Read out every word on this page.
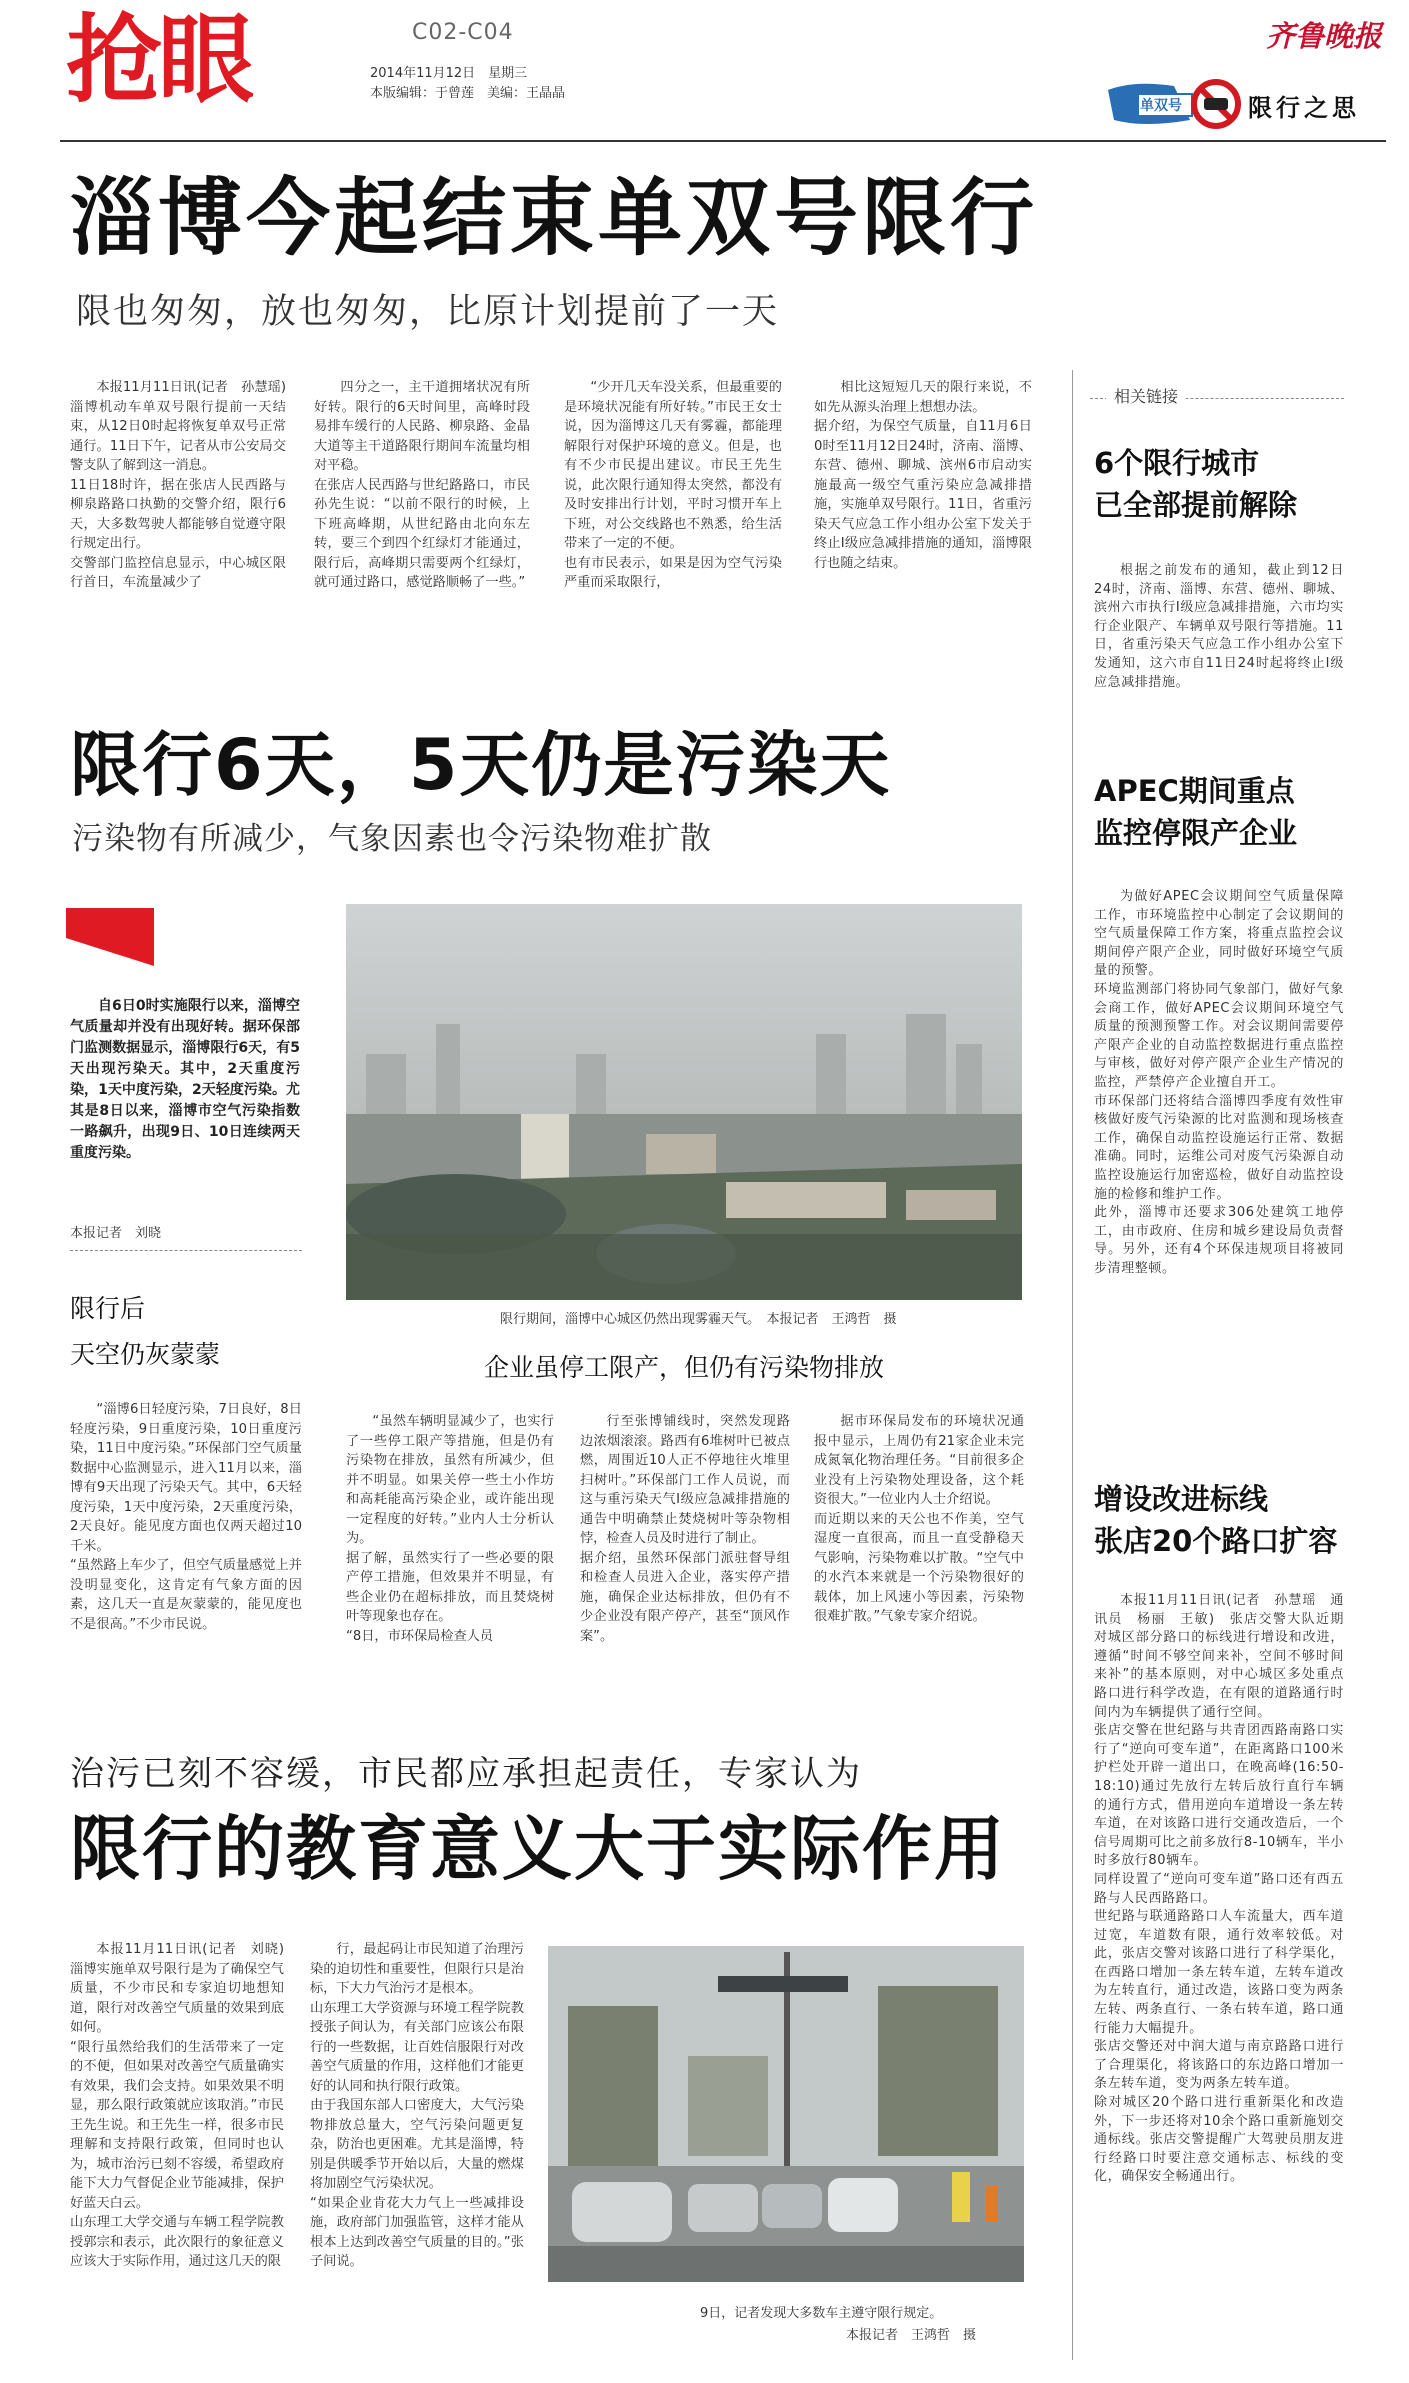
抢眼	C02-C04
2014年11月12日　星期三
本版编辑：于曾莲　美编：王晶晶
齐鲁晚报
单双号	限行之思
淄博今起结束单双号限行
限也匆匆，放也匆匆，比原计划提前了一天

本报11月11日讯(记者　孙慧瑶)　淄博机动车单双号限行提前一天结束，从12日0时起将恢复单双号正常通行。11日下午，记者从市公安局交警支队了解到这一消息。
11日18时许，据在张店人民西路与柳泉路路口执勤的交警介绍，限行6天，大多数驾驶人都能够自觉遵守限行规定出行。
交警部门监控信息显示，中心城区限行首日，车流量减少了

四分之一，主干道拥堵状况有所好转。限行的6天时间里，高峰时段易排车缓行的人民路、柳泉路、金晶大道等主干道路限行期间车流量均相对平稳。
在张店人民西路与世纪路路口，市民孙先生说：“以前不限行的时候，上下班高峰期，从世纪路由北向东左转，要三个到四个红绿灯才能通过，限行后，高峰期只需要两个红绿灯，就可通过路口，感觉路顺畅了一些。”

“少开几天车没关系，但最重要的是环境状况能有所好转。”市民王女士说，因为淄博这几天有雾霾，都能理解限行对保护环境的意义。但是，也有不少市民提出建议。市民王先生说，此次限行通知得太突然，都没有及时安排出行计划，平时习惯开车上下班，对公交线路也不熟悉，给生活带来了一定的不便。
也有市民表示，如果是因为空气污染严重而采取限行，

相比这短短几天的限行来说，不如先从源头治理上想想办法。
据介绍，为保空气质量，自11月6日0时至11月12日24时，济南、淄博、东营、德州、聊城、滨州6市启动实施最高一级空气重污染应急减排措施，实施单双号限行。11日，省重污染天气应急工作小组办公室下发关于终止Ⅰ级应急减排措施的通知，淄博限行也随之结束。

相关链接
6个限行城市
已全部提前解除

根据之前发布的通知，截止到12日24时，济南、淄博、东营、德州、聊城、滨州六市执行Ⅰ级应急减排措施，六市均实行企业限产、车辆单双号限行等措施。11日，省重污染天气应急工作小组办公室下发通知，这六市自11日24时起将终止Ⅰ级应急减排措施。

APEC期间重点
监控停限产企业

为做好APEC会议期间空气质量保障工作，市环境监控中心制定了会议期间的空气质量保障工作方案，将重点监控会议期间停产限产企业，同时做好环境空气质量的预警。
环境监测部门将协同气象部门，做好气象会商工作，做好APEC会议期间环境空气质量的预测预警工作。对会议期间需要停产限产企业的自动监控数据进行重点监控与审核，做好对停产限产企业生产情况的监控，严禁停产企业擅自开工。
市环保部门还将结合淄博四季度有效性审核做好废气污染源的比对监测和现场核查工作，确保自动监控设施运行正常、数据准确。同时，运维公司对废气污染源自动监控设施运行加密巡检，做好自动监控设施的检修和维护工作。
此外，淄博市还要求306处建筑工地停工，由市政府、住房和城乡建设局负责督导。另外，还有4个环保违规项目将被同步清理整顿。

增设改进标线
张店20个路口扩容

本报11月11日讯(记者　孙慧瑶　通讯员　杨丽　王敏)　张店交警大队近期对城区部分路口的标线进行增设和改进，遵循“时间不够空间来补，空间不够时间来补”的基本原则，对中心城区多处重点路口进行科学改造，在有限的道路通行时间内为车辆提供了通行空间。
张店交警在世纪路与共青团西路南路口实行了“逆向可变车道”，在距离路口100米护栏处开辟一道出口，在晚高峰(16:50-18:10)通过先放行左转后放行直行车辆的通行方式，借用逆向车道增设一条左转车道，在对该路口进行交通改造后，一个信号周期可比之前多放行8-10辆车，半小时多放行80辆车。
同样设置了“逆向可变车道”路口还有西五路与人民西路路口。
世纪路与联通路路口人车流量大，西车道过宽，车道数有限，通行效率较低。对此，张店交警对该路口进行了科学渠化，在西路口增加一条左转车道，左转车道改为左转直行，通过改造，该路口变为两条左转、两条直行、一条右转车道，路口通行能力大幅提升。
张店交警还对中润大道与南京路路口进行了合理渠化，将该路口的东边路口增加一条左转车道，变为两条左转车道。
除对城区20个路口进行重新渠化和改造外，下一步还将对10余个路口重新施划交通标线。张店交警提醒广大驾驶员朋友进行经路口时要注意交通标志、标线的变化，确保安全畅通出行。

限行6天，5天仍是污染天
污染物有所减少，气象因素也令污染物难扩散

自6日0时实施限行以来，淄博空气质量却并没有出现好转。据环保部门监测数据显示，淄博限行6天，有5天出现污染天。其中，2天重度污染，1天中度污染，2天轻度污染。尤其是8日以来，淄博市空气污染指数一路飙升，出现9日、10日连续两天重度污染。

本报记者　刘晓
限行后
天空仍灰蒙蒙

“淄博6日轻度污染，7日良好，8日轻度污染，9日重度污染，10日重度污染，11日中度污染。”环保部门空气质量数据中心监测显示，进入11月以来，淄博有9天出现了污染天气。其中，6天轻度污染，1天中度污染，2天重度污染，2天良好。能见度方面也仅两天超过10千米。
“虽然路上车少了，但空气质量感觉上并没明显变化，这肯定有气象方面的因素，这几天一直是灰蒙蒙的，能见度也不是很高。”不少市民说。

限行期间，淄博中心城区仍然出现雾霾天气。　本报记者　王鸿哲　摄
企业虽停工限产，但仍有污染物排放

“虽然车辆明显减少了，也实行了一些停工限产等措施，但是仍有污染物在排放，虽然有所减少，但并不明显。如果关停一些土小作坊和高耗能高污染企业，或许能出现一定程度的好转。”业内人士分析认为。
据了解，虽然实行了一些必要的限产停工措施，但效果并不明显，有些企业仍在超标排放，而且焚烧树叶等现象也存在。
“8日，市环保局检查人员

行至张博铺线时，突然发现路边浓烟滚滚。路西有6堆树叶已被点燃，周围近10人正不停地往火堆里扫树叶。”环保部门工作人员说，而这与重污染天气Ⅰ级应急减排措施的通告中明确禁止焚烧树叶等杂物相悖，检查人员及时进行了制止。
据介绍，虽然环保部门派驻督导组和检查人员进入企业，落实停产措施，确保企业达标排放，但仍有不少企业没有限产停产，甚至“顶风作案”。

据市环保局发布的环境状况通报中显示，上周仍有21家企业未完成氮氧化物治理任务。“目前很多企业没有上污染物处理设备，这个耗资很大。”一位业内人士介绍说。
而近期以来的天公也不作美，空气湿度一直很高，而且一直受静稳天气影响，污染物难以扩散。“空气中的水汽本来就是一个污染物很好的载体，加上风速小等因素，污染物很难扩散。”气象专家介绍说。

治污已刻不容缓，市民都应承担起责任，专家认为
限行的教育意义大于实际作用

本报11月11日讯(记者　刘晓)　淄博实施单双号限行是为了确保空气质量，不少市民和专家迫切地想知道，限行对改善空气质量的效果到底如何。
“限行虽然给我们的生活带来了一定的不便，但如果对改善空气质量确实有效果，我们会支持。如果效果不明显，那么限行政策就应该取消。”市民王先生说。和王先生一样，很多市民理解和支持限行政策，但同时也认为，城市治污已刻不容缓，希望政府能下大力气督促企业节能减排，保护好蓝天白云。
山东理工大学交通与车辆工程学院教授郭宗和表示，此次限行的象征意义应该大于实际作用，通过这几天的限

行，最起码让市民知道了治理污染的迫切性和重要性，但限行只是治标，下大力气治污才是根本。
山东理工大学资源与环境工程学院教授张子间认为，有关部门应该公布限行的一些数据，让百姓信服限行对改善空气质量的作用，这样他们才能更好的认同和执行限行政策。
由于我国东部人口密度大，大气污染物排放总量大，空气污染问题更复杂，防治也更困难。尤其是淄博，特别是供暖季节开始以后，大量的燃煤将加剧空气污染状况。
“如果企业肯花大力气上一些减排设施，政府部门加强监管，这样才能从根本上达到改善空气质量的目的。”张子间说。

9日，记者发现大多数车主遵守限行规定。
本报记者　王鸿哲　摄
